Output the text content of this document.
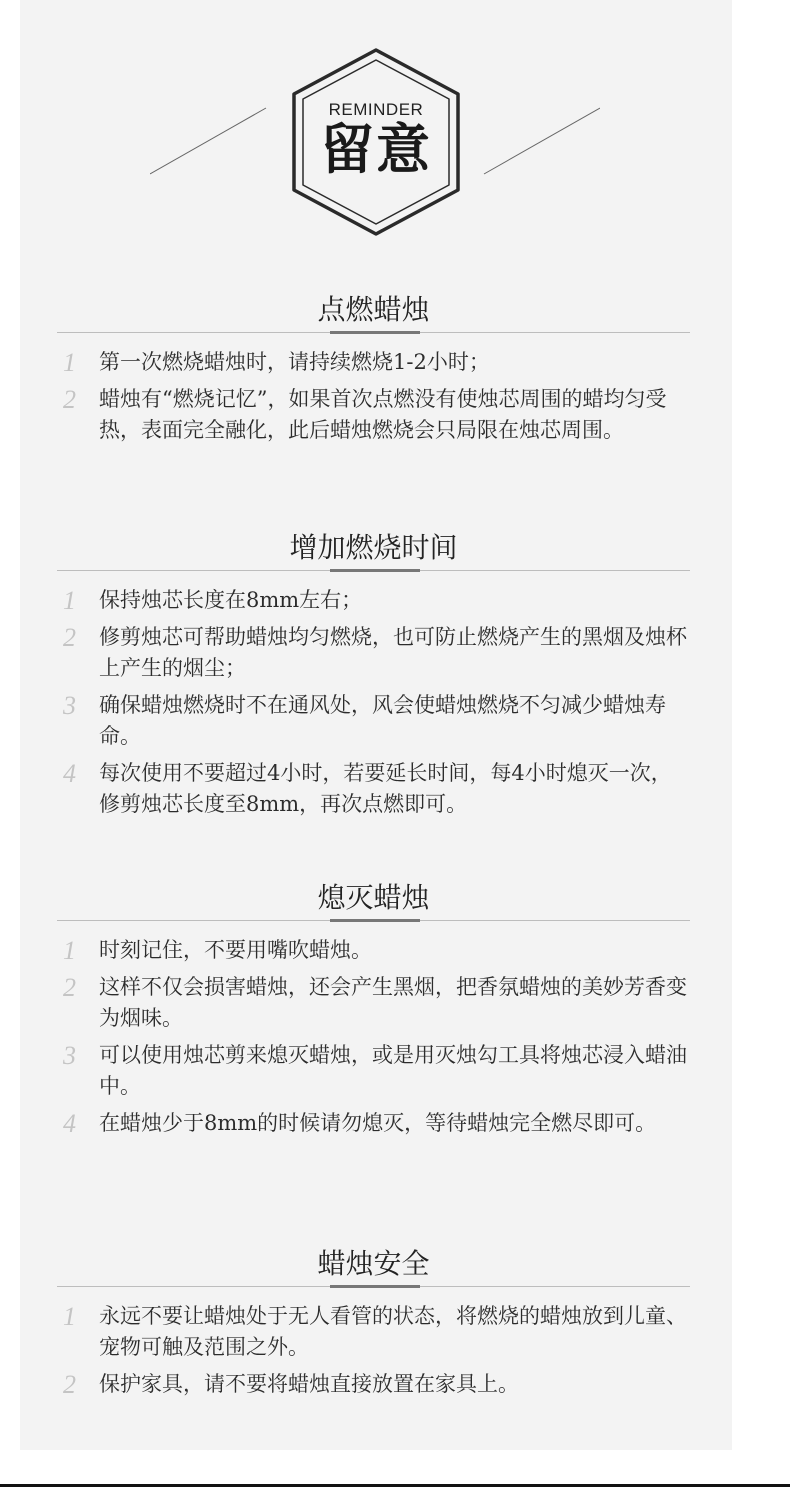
REMINDER
留意
点燃蜡烛
1 第一次燃烧蜡烛时，请持续燃烧1-2小时；
2 蜡烛有“燃烧记忆”，如果首次点燃没有使烛芯周围的蜡均匀受热，表面完全融化，此后蜡烛燃烧会只局限在烛芯周围。
增加燃烧时间
1 保持烛芯长度在8mm左右；
2 修剪烛芯可帮助蜡烛均匀燃烧，也可防止燃烧产生的黑烟及烛杯上产生的烟尘；
3 确保蜡烛燃烧时不在通风处，风会使蜡烛燃烧不匀减少蜡烛寿命。
4 每次使用不要超过4小时，若要延长时间，每4小时熄灭一次，修剪烛芯长度至8mm，再次点燃即可。
熄灭蜡烛
1 时刻记住，不要用嘴吹蜡烛。
2 这样不仅会损害蜡烛，还会产生黑烟，把香氛蜡烛的美妙芳香变为烟味。
3 可以使用烛芯剪来熄灭蜡烛，或是用灭烛勾工具将烛芯浸入蜡油中。
4 在蜡烛少于8mm的时候请勿熄灭，等待蜡烛完全燃尽即可。
蜡烛安全
1 永远不要让蜡烛处于无人看管的状态，将燃烧的蜡烛放到儿童、宠物可触及范围之外。
2 保护家具，请不要将蜡烛直接放置在家具上。
